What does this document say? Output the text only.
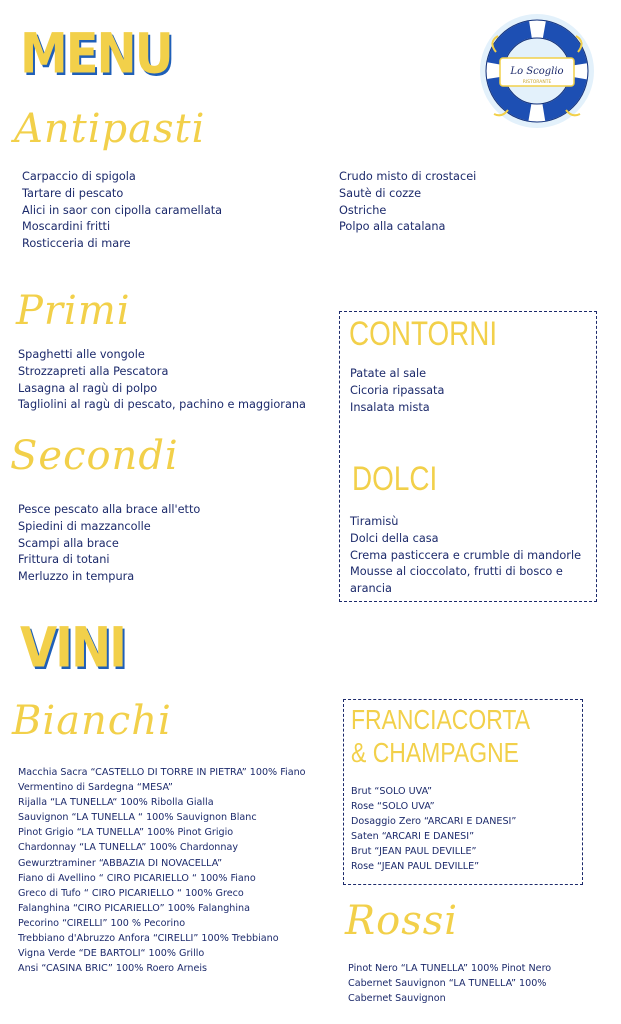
MENU	Lo Scoglio
RISTORANTE
Antipasti
Carpaccio di spigola
Tartare di pescato
Alici in saor con cipolla caramellata
Moscardini fritti
Rosticceria di mare
Crudo misto di crostacei
Sautè di cozze
Ostriche
Polpo alla catalana
Primi
Spaghetti alle vongole
Strozzapreti alla Pescatora
Lasagna al ragù di polpo
Tagliolini al ragù di pescato, pachino e maggiorana
CONTORNI
Patate al sale
Cicoria ripassata
Insalata mista
DOLCI
Tiramisù
Dolci della casa
Crema pasticcera e crumble di mandorle
Mousse al cioccolato, frutti di bosco e
arancia
Secondi
Pesce pescato alla brace all'etto
Spiedini di mazzancolle
Scampi alla brace
Frittura di totani
Merluzzo in tempura
VINI
Bianchi
Macchia Sacra “CASTELLO DI TORRE IN PIETRA” 100% Fiano
Vermentino di Sardegna “MESA”
Rijalla “LA TUNELLA“ 100% Ribolla Gialla
Sauvignon “LA TUNELLA “ 100% Sauvignon Blanc
Pinot Grigio “LA TUNELLA” 100% Pinot Grigio
Chardonnay “LA TUNELLA” 100% Chardonnay
Gewurztraminer “ABBAZIA DI NOVACELLA”
Fiano di Avellino “ CIRO PICARIELLO “ 100% Fiano
Greco di Tufo “ CIRO PICARIELLO “ 100% Greco
Falanghina “CIRO PICARIELLO” 100% Falanghina
Pecorino “CIRELLI” 100 % Pecorino
Trebbiano d'Abruzzo Anfora “CIRELLI” 100% Trebbiano
Vigna Verde “DE BARTOLI“ 100% Grillo
Ansi “CASINA BRIC” 100% Roero Arneis
FRANCIACORTA
& CHAMPAGNE
Brut “SOLO UVA”
Rose “SOLO UVA”
Dosaggio Zero “ARCARI E DANESI”
Saten “ARCARI E DANESI”
Brut “JEAN PAUL DEVILLE”
Rose “JEAN PAUL DEVILLE”
Rossi
Pinot Nero “LA TUNELLA” 100% Pinot Nero
Cabernet Sauvignon “LA TUNELLA” 100%
Cabernet Sauvignon
